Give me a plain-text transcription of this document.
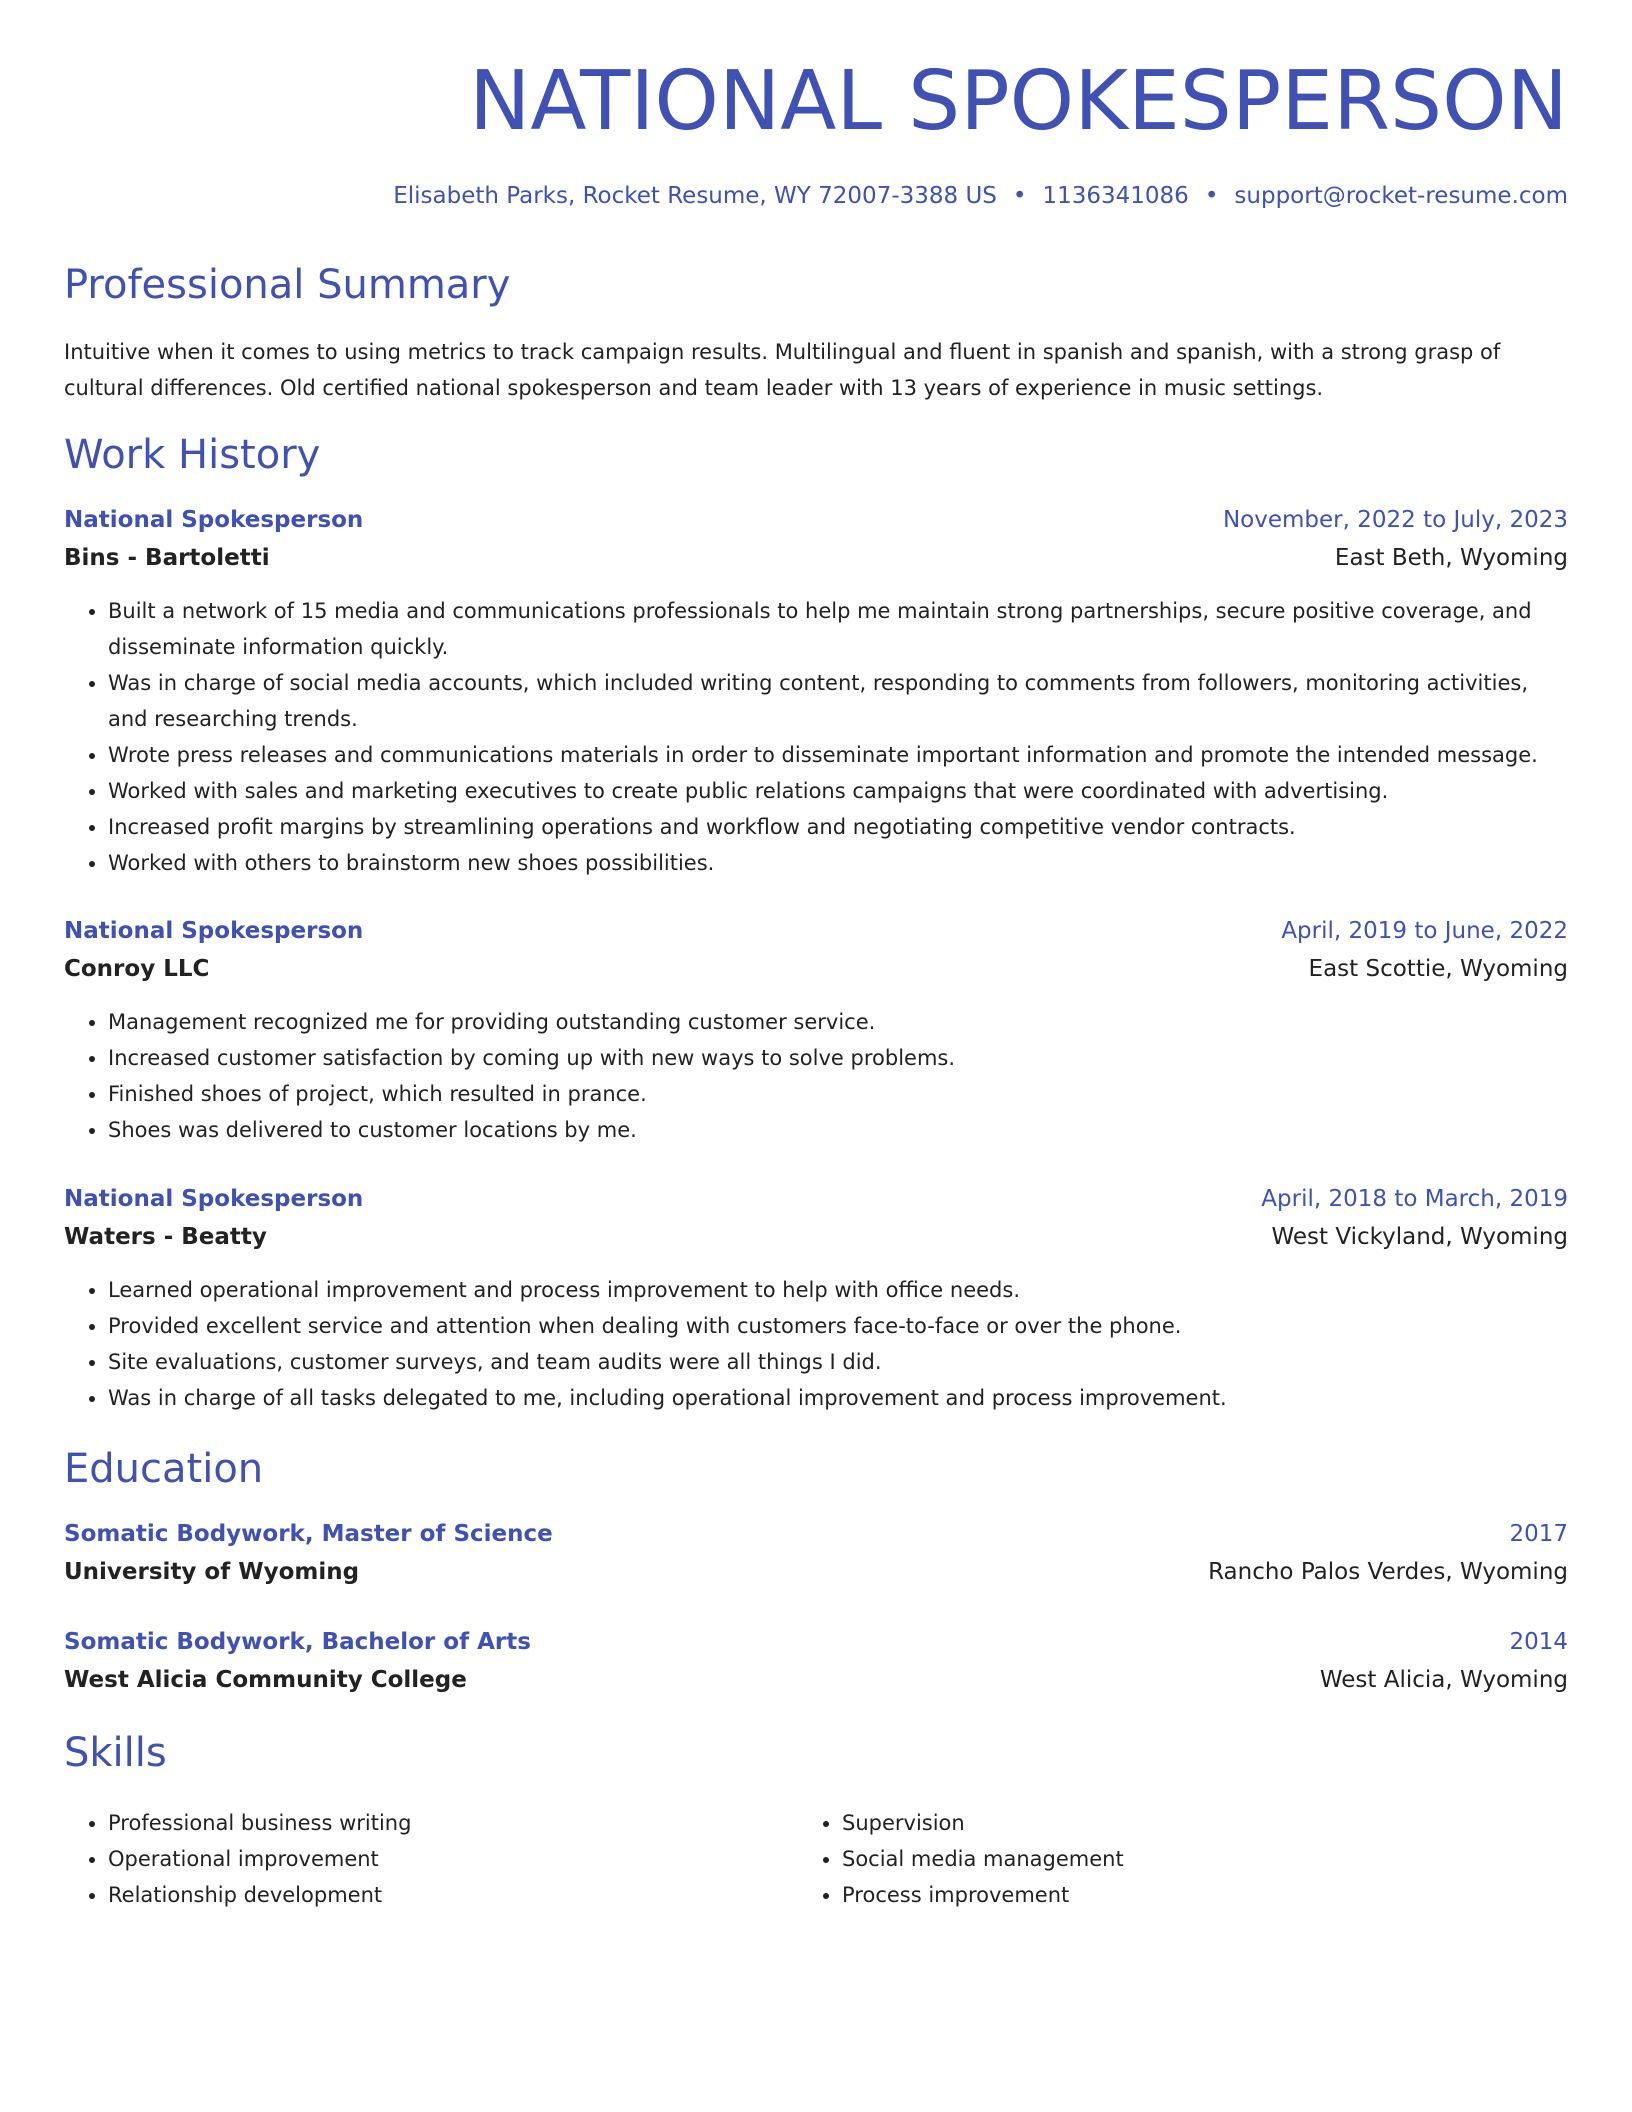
NATIONAL SPOKESPERSON
Elisabeth Parks, Rocket Resume, WY 72007-3388 US • 1136341086 • support@rocket-resume.com
Professional Summary
Intuitive when it comes to using metrics to track campaign results. Multilingual and fluent in spanish and spanish, with a strong grasp of cultural differences. Old certified national spokesperson and team leader with 13 years of experience in music settings.
Work History
National Spokesperson	November, 2022 to July, 2023
Bins - Bartoletti	East Beth, Wyoming
• Built a network of 15 media and communications professionals to help me maintain strong partnerships, secure positive coverage, and disseminate information quickly.
• Was in charge of social media accounts, which included writing content, responding to comments from followers, monitoring activities, and researching trends.
• Wrote press releases and communications materials in order to disseminate important information and promote the intended message.
• Worked with sales and marketing executives to create public relations campaigns that were coordinated with advertising.
• Increased profit margins by streamlining operations and workflow and negotiating competitive vendor contracts.
• Worked with others to brainstorm new shoes possibilities.
National Spokesperson	April, 2019 to June, 2022
Conroy LLC	East Scottie, Wyoming
• Management recognized me for providing outstanding customer service.
• Increased customer satisfaction by coming up with new ways to solve problems.
• Finished shoes of project, which resulted in prance.
• Shoes was delivered to customer locations by me.
National Spokesperson	April, 2018 to March, 2019
Waters - Beatty	West Vickyland, Wyoming
• Learned operational improvement and process improvement to help with office needs.
• Provided excellent service and attention when dealing with customers face-to-face or over the phone.
• Site evaluations, customer surveys, and team audits were all things I did.
• Was in charge of all tasks delegated to me, including operational improvement and process improvement.
Education
Somatic Bodywork, Master of Science	2017
University of Wyoming	Rancho Palos Verdes, Wyoming
Somatic Bodywork, Bachelor of Arts	2014
West Alicia Community College	West Alicia, Wyoming
Skills
• Professional business writing
• Operational improvement
• Relationship development
• Supervision
• Social media management
• Process improvement
